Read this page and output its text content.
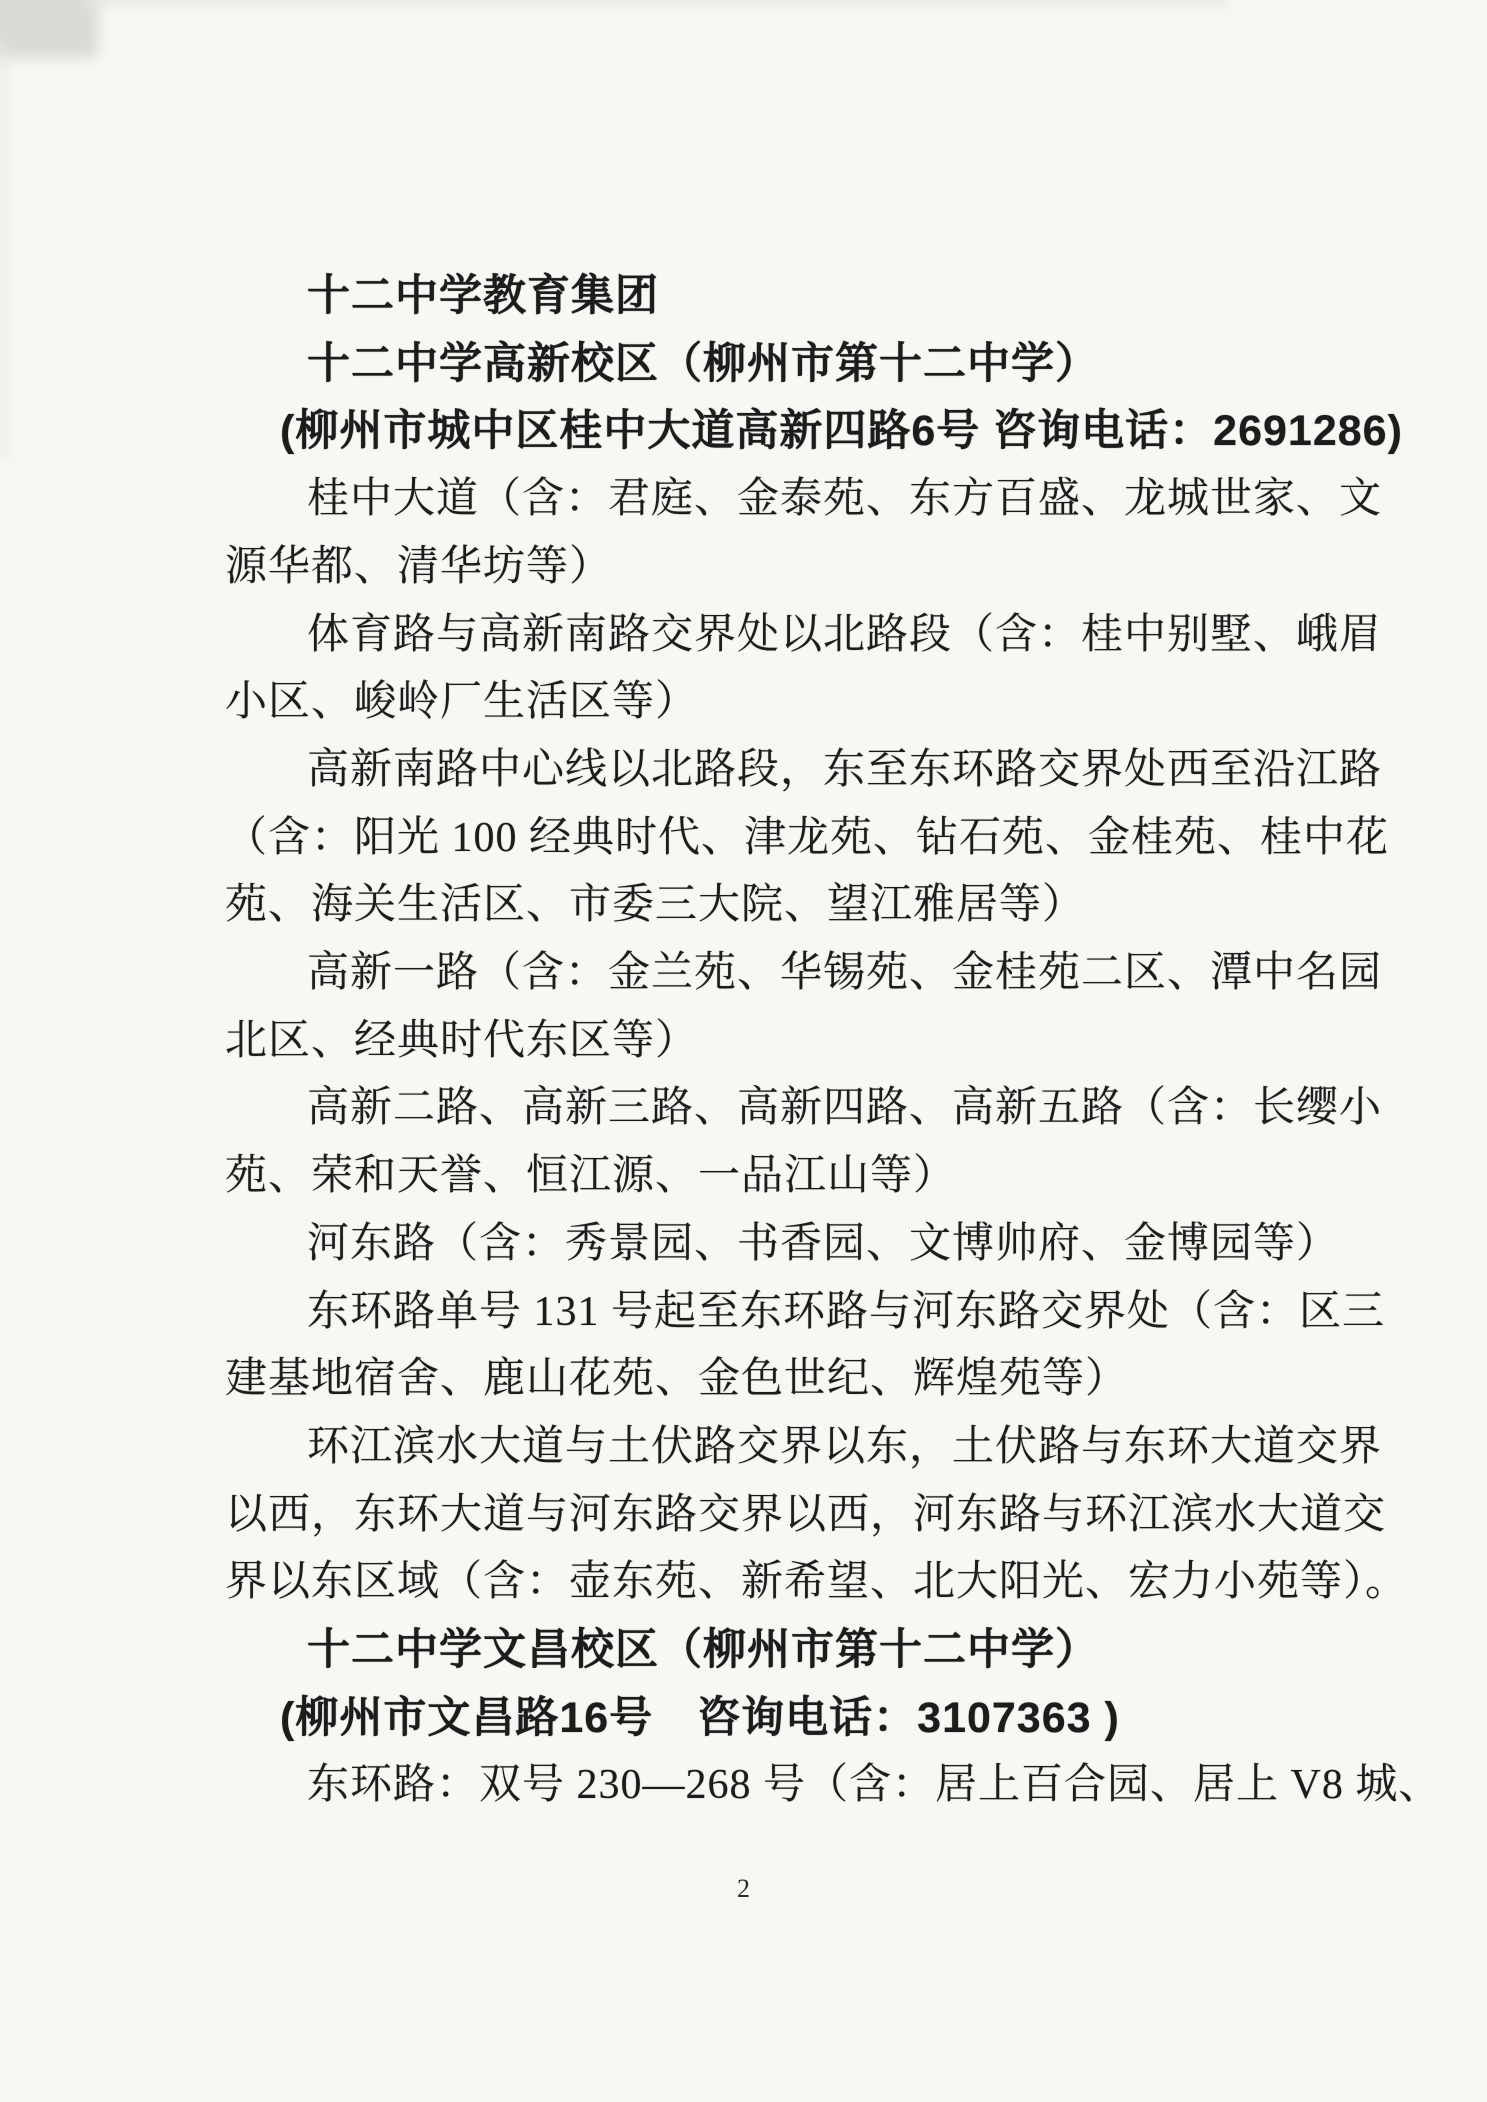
十二中学教育集团
十二中学高新校区（柳州市第十二中学）
(柳州市城中区桂中大道高新四路6号 咨询电话：2691286)
桂中大道（含：君庭、金泰苑、东方百盛、龙城世家、文
源华都、清华坊等）
体育路与高新南路交界处以北路段（含：桂中别墅、峨眉
小区、峻岭厂生活区等）
高新南路中心线以北路段，东至东环路交界处西至沿江路
（含：阳光 100 经典时代、津龙苑、钻石苑、金桂苑、桂中花
苑、海关生活区、市委三大院、望江雅居等）
高新一路（含：金兰苑、华锡苑、金桂苑二区、潭中名园
北区、经典时代东区等）
高新二路、高新三路、高新四路、高新五路（含：长缨小
苑、荣和天誉、恒江源、一品江山等）
河东路（含：秀景园、书香园、文博帅府、金博园等）
东环路单号 131 号起至东环路与河东路交界处（含：区三
建基地宿舍、鹿山花苑、金色世纪、辉煌苑等）
环江滨水大道与土伏路交界以东，土伏路与东环大道交界
以西，东环大道与河东路交界以西，河东路与环江滨水大道交
界以东区域（含：壶东苑、新希望、北大阳光、宏力小苑等）。
十二中学文昌校区（柳州市第十二中学）
(柳州市文昌路16号　咨询电话：3107363 )
东环路：双号 230—268 号（含：居上百合园、居上 V8 城、
2
